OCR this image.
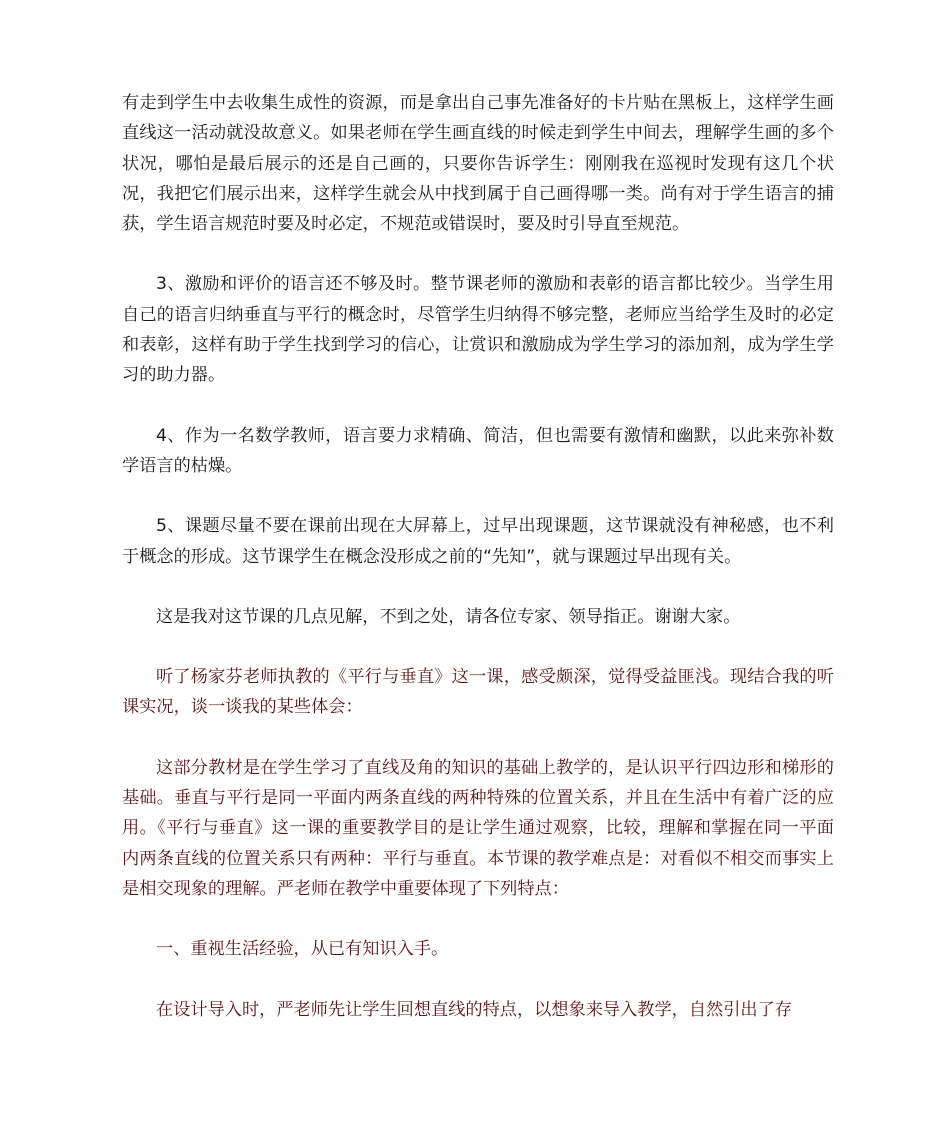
有走到学生中去收集生成性的资源，而是拿出自己事先准备好的卡片贴在黑板上，这样学生画直线这一活动就没故意义。如果老师在学生画直线的时候走到学生中间去，理解学生画的多个状况，哪怕是最后展示的还是自己画的，只要你告诉学生：刚刚我在巡视时发现有这几个状况，我把它们展示出来，这样学生就会从中找到属于自己画得哪一类。尚有对于学生语言的捕获，学生语言规范时要及时必定，不规范或错误时，要及时引导直至规范。

3、激励和评价的语言还不够及时。整节课老师的激励和表彰的语言都比较少。当学生用自己的语言归纳垂直与平行的概念时，尽管学生归纳得不够完整，老师应当给学生及时的必定和表彰，这样有助于学生找到学习的信心，让赏识和激励成为学生学习的添加剂，成为学生学习的助力器。

4、作为一名数学教师，语言要力求精确、简洁，但也需要有激情和幽默，以此来弥补数学语言的枯燥。

5、课题尽量不要在课前出现在大屏幕上，过早出现课题，这节课就没有神秘感，也不利于概念的形成。这节课学生在概念没形成之前的“先知”，就与课题过早出现有关。

这是我对这节课的几点见解，不到之处，请各位专家、领导指正。谢谢大家。

听了杨家芬老师执教的《平行与垂直》这一课，感受颇深，觉得受益匪浅。现结合我的听课实况，谈一谈我的某些体会：

这部分教材是在学生学习了直线及角的知识的基础上教学的，是认识平行四边形和梯形的基础。垂直与平行是同一平面内两条直线的两种特殊的位置关系，并且在生活中有着广泛的应用。《平行与垂直》这一课的重要教学目的是让学生通过观察，比较，理解和掌握在同一平面内两条直线的位置关系只有两种：平行与垂直。本节课的教学难点是：对看似不相交而事实上是相交现象的理解。严老师在教学中重要体现了下列特点：

一、重视生活经验，从已有知识入手。

在设计导入时，严老师先让学生回想直线的特点，以想象来导入教学，自然引出了存
